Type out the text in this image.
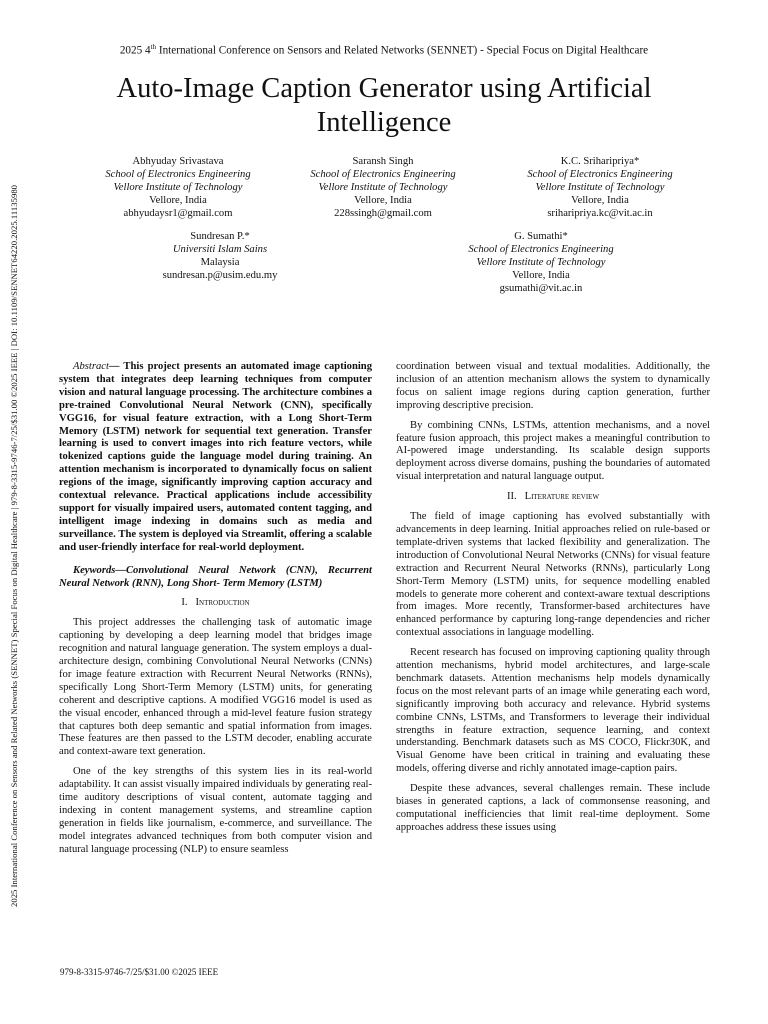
2025 International Conference on Sensors and Related Networks (SENNET) Special Focus on Digital Healthcare | 979-8-3315-9746-7/25/$31.00 ©2025 IEEE | DOI: 10.1109/SENNET64220.2025.11135980
2025 4th International Conference on Sensors and Related Networks (SENNET) - Special Focus on Digital Healthcare
Auto-Image Caption Generator using Artificial
Intelligence
Abhyuday Srivastava
School of Electronics Engineering
Vellore Institute of Technology
Vellore, India
abhyudaysr1@gmail.com
Saransh Singh
School of Electronics Engineering
Vellore Institute of Technology
Vellore, India
228ssingh@gmail.com
K.C. Sriharipriya*
School of Electronics Engineering
Vellore Institute of Technology
Vellore, India
sriharipriya.kc@vit.ac.in
Sundresan P.*
Universiti Islam Sains
Malaysia
sundresan.p@usim.edu.my
G. Sumathi*
School of Electronics Engineering
Vellore Institute of Technology
Vellore, India
gsumathi@vit.ac.in

Abstract— This project presents an automated image captioning system that integrates deep learning techniques from computer vision and natural language processing. The architecture combines a pre-trained Convolutional Neural Network (CNN), specifically VGG16, for visual feature extraction, with a Long Short-Term Memory (LSTM) network for sequential text generation. Transfer learning is used to convert images into rich feature vectors, while tokenized captions guide the language model during training. An attention mechanism is incorporated to dynamically focus on salient regions of the image, significantly improving caption accuracy and contextual relevance. Practical applications include accessibility support for visually impaired users, automated content tagging, and intelligent image indexing in domains such as media and surveillance. The system is deployed via Streamlit, offering a scalable and user-friendly interface for real-world deployment.

Keywords—Convolutional Neural Network (CNN), Recurrent Neural Network (RNN), Long Short- Term Memory (LSTM)

I. Introduction

This project addresses the challenging task of automatic image captioning by developing a deep learning model that bridges image recognition and natural language generation. The system employs a dual-architecture design, combining Convolutional Neural Networks (CNNs) for image feature extraction with Recurrent Neural Networks (RNNs), specifically Long Short-Term Memory (LSTM) units, for generating coherent and descriptive captions. A modified VGG16 model is used as the visual encoder, enhanced through a mid-level feature fusion strategy that captures both deep semantic and spatial information from images. These features are then passed to the LSTM decoder, enabling accurate and context-aware text generation.

One of the key strengths of this system lies in its real-world adaptability. It can assist visually impaired individuals by generating real-time auditory descriptions of visual content, automate tagging and indexing in content management systems, and streamline caption generation in fields like journalism, e-commerce, and surveillance. The model integrates advanced techniques from both computer vision and natural language processing (NLP) to ensure seamless

coordination between visual and textual modalities. Additionally, the inclusion of an attention mechanism allows the system to dynamically focus on salient image regions during caption generation, further improving descriptive precision.

By combining CNNs, LSTMs, attention mechanisms, and a novel feature fusion approach, this project makes a meaningful contribution to AI-powered image understanding. Its scalable design supports deployment across diverse domains, pushing the boundaries of automated visual interpretation and natural language output.

II. Literature review

The field of image captioning has evolved substantially with advancements in deep learning. Initial approaches relied on rule-based or template-driven systems that lacked flexibility and generalization. The introduction of Convolutional Neural Networks (CNNs) for visual feature extraction and Recurrent Neural Networks (RNNs), particularly Long Short-Term Memory (LSTM) units, for sequence modelling enabled models to generate more coherent and context-aware textual descriptions from images. More recently, Transformer-based architectures have enhanced performance by capturing long-range dependencies and richer contextual associations in language modelling.

Recent research has focused on improving captioning quality through attention mechanisms, hybrid model architectures, and large-scale benchmark datasets. Attention mechanisms help models dynamically focus on the most relevant parts of an image while generating each word, significantly improving both accuracy and relevance. Hybrid systems combine CNNs, LSTMs, and Transformers to leverage their individual strengths in feature extraction, sequence learning, and context understanding. Benchmark datasets such as MS COCO, Flickr30K, and Visual Genome have been critical in training and evaluating these models, offering diverse and richly annotated image-caption pairs.

Despite these advances, several challenges remain. These include biases in generated captions, a lack of commonsense reasoning, and computational inefficiencies that limit real-time deployment. Some approaches address these issues using

979-8-3315-9746-7/25/$31.00 ©2025 IEEE
